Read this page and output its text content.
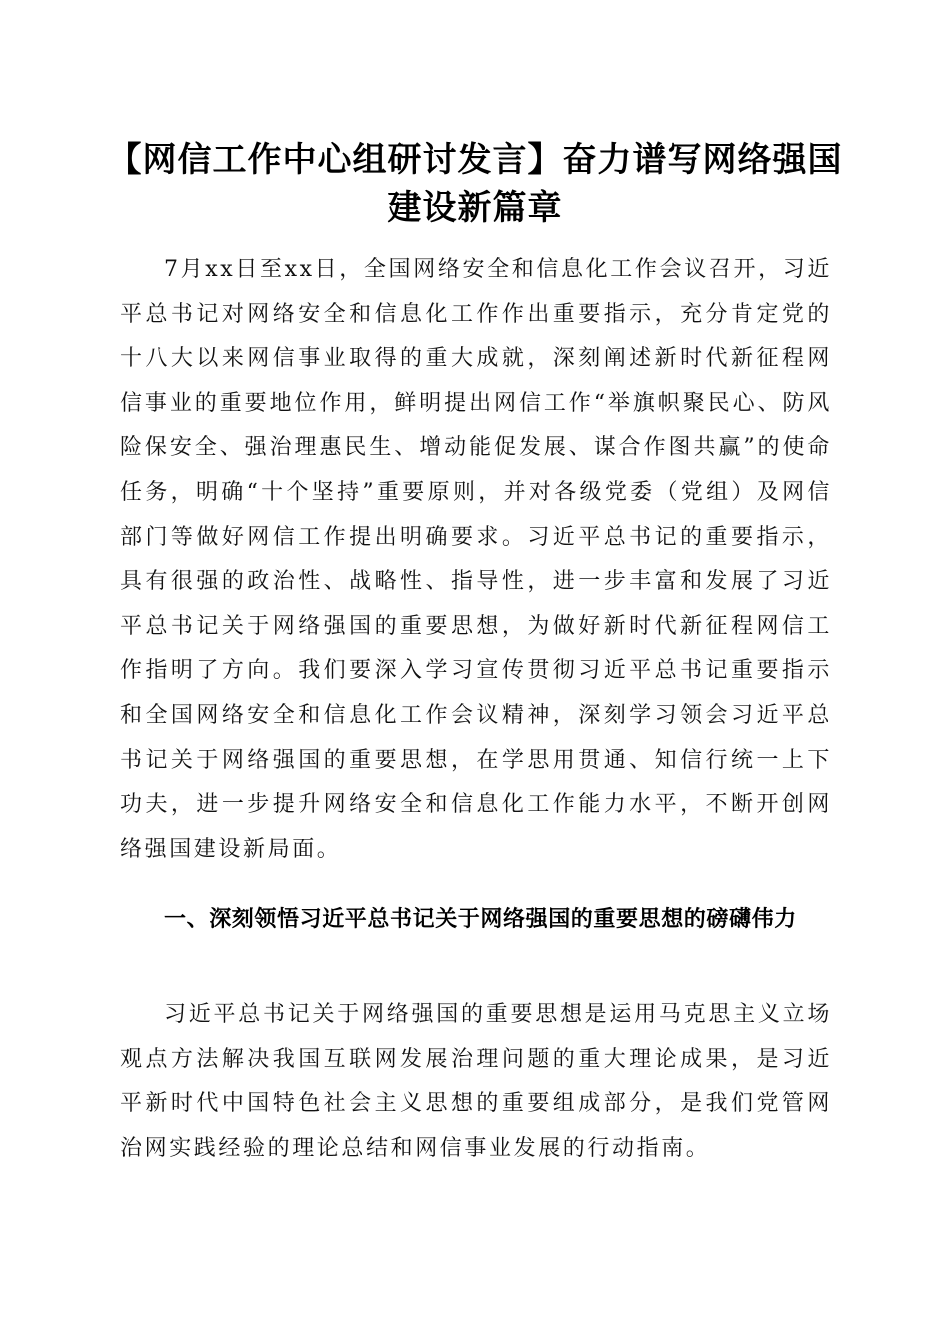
【网信工作中心组研讨发言】奋力谱写网络强国建设新篇章

7月xx日至xx日，全国网络安全和信息化工作会议召开，习近平总书记对网络安全和信息化工作作出重要指示，充分肯定党的十八大以来网信事业取得的重大成就，深刻阐述新时代新征程网信事业的重要地位作用，鲜明提出网信工作“举旗帜聚民心、防风险保安全、强治理惠民生、增动能促发展、谋合作图共赢”的使命任务，明确“十个坚持”重要原则，并对各级党委（党组）及网信部门等做好网信工作提出明确要求。习近平总书记的重要指示，具有很强的政治性、战略性、指导性，进一步丰富和发展了习近平总书记关于网络强国的重要思想，为做好新时代新征程网信工作指明了方向。我们要深入学习宣传贯彻习近平总书记重要指示和全国网络安全和信息化工作会议精神，深刻学习领会习近平总书记关于网络强国的重要思想，在学思用贯通、知信行统一上下功夫，进一步提升网络安全和信息化工作能力水平，不断开创网络强国建设新局面。

一、深刻领悟习近平总书记关于网络强国的重要思想的磅礴伟力

习近平总书记关于网络强国的重要思想是运用马克思主义立场观点方法解决我国互联网发展治理问题的重大理论成果，是习近平新时代中国特色社会主义思想的重要组成部分，是我们党管网治网实践经验的理论总结和网信事业发展的行动指南。
